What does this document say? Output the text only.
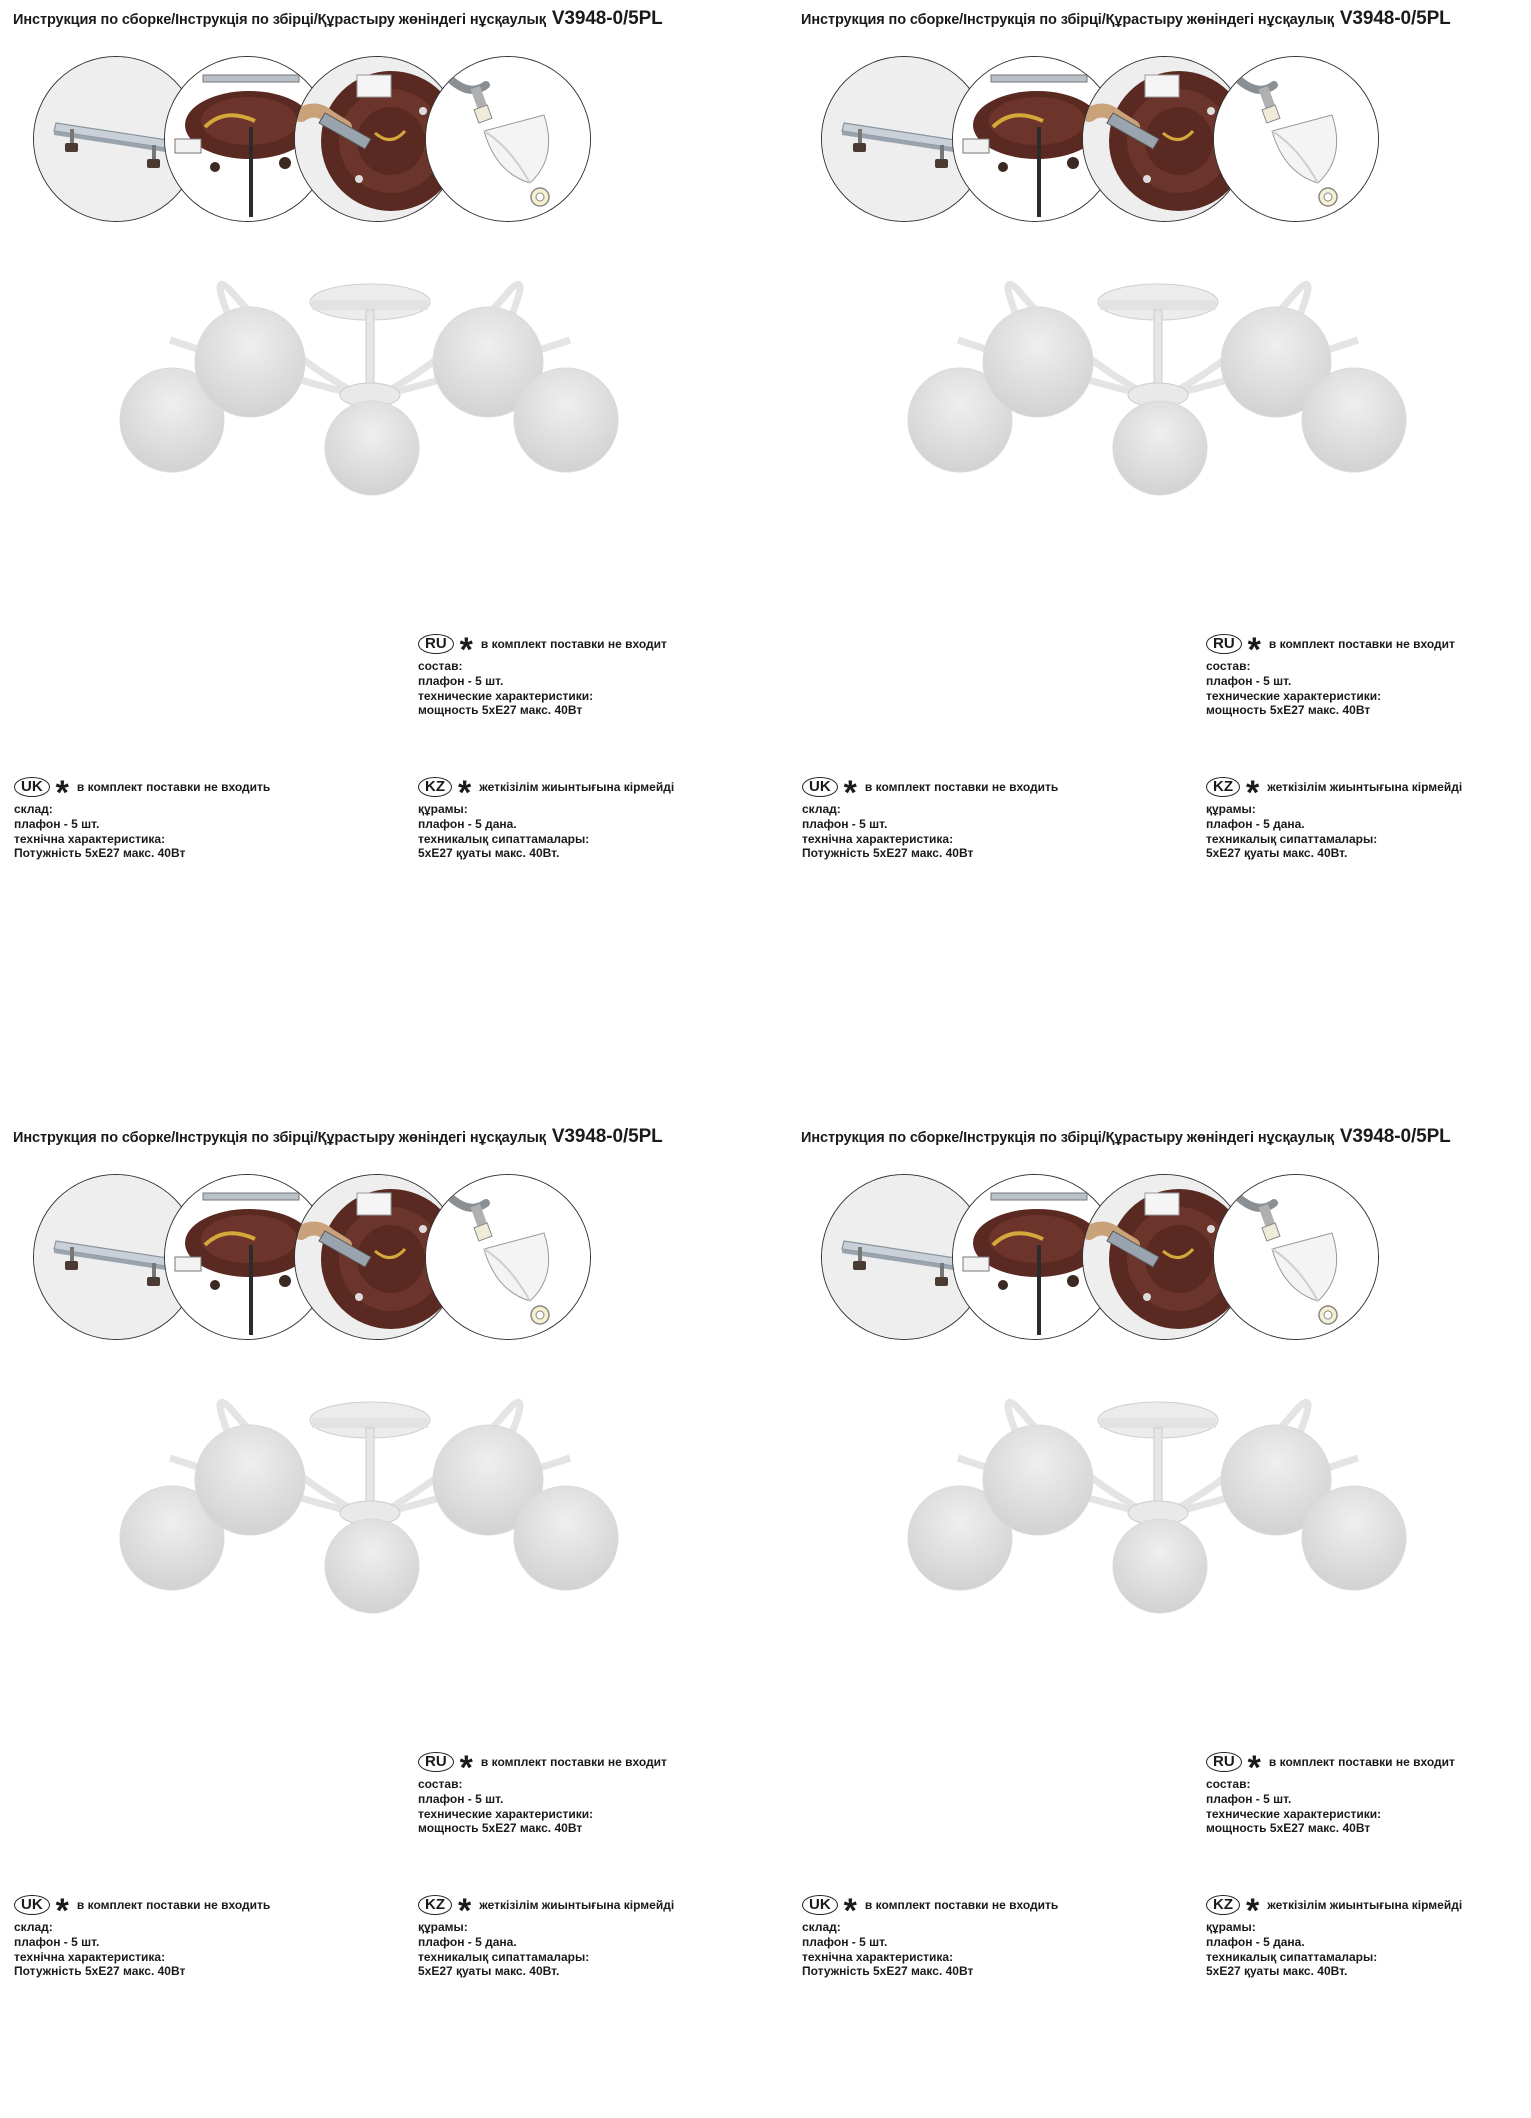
Инструкция по сборке/Інструкція по збірці/Құрастыру жөніндегі нұсқаулық V3948-0/5PL
RU * в комплект поставки не входит
состав:
плафон - 5 шт.
технические характеристики:
мощность 5хЕ27 макс. 40Вт
UK * в комплект поставки не входить
склад:
плафон - 5 шт.
технічна характеристика:
Потужність 5хЕ27 макс. 40Вт
KZ * жеткізілім жиынтығына кірмейді
құрамы:
плафон - 5 дана.
техникалық сипаттамалары:
5хЕ27 қуаты макс. 40Вт.
Инструкция по сборке/Інструкція по збірці/Құрастыру жөніндегі нұсқаулық V3948-0/5PL
RU * в комплект поставки не входит
состав:
плафон - 5 шт.
технические характеристики:
мощность 5хЕ27 макс. 40Вт
UK * в комплект поставки не входить
склад:
плафон - 5 шт.
технічна характеристика:
Потужність 5хЕ27 макс. 40Вт
KZ * жеткізілім жиынтығына кірмейді
құрамы:
плафон - 5 дана.
техникалық сипаттамалары:
5хЕ27 қуаты макс. 40Вт.
Инструкция по сборке/Інструкція по збірці/Құрастыру жөніндегі нұсқаулық V3948-0/5PL
RU * в комплект поставки не входит
состав:
плафон - 5 шт.
технические характеристики:
мощность 5хЕ27 макс. 40Вт
UK * в комплект поставки не входить
склад:
плафон - 5 шт.
технічна характеристика:
Потужність 5хЕ27 макс. 40Вт
KZ * жеткізілім жиынтығына кірмейді
құрамы:
плафон - 5 дана.
техникалық сипаттамалары:
5хЕ27 қуаты макс. 40Вт.
Инструкция по сборке/Інструкція по збірці/Құрастыру жөніндегі нұсқаулық V3948-0/5PL
RU * в комплект поставки не входит
состав:
плафон - 5 шт.
технические характеристики:
мощность 5хЕ27 макс. 40Вт
UK * в комплект поставки не входить
склад:
плафон - 5 шт.
технічна характеристика:
Потужність 5хЕ27 макс. 40Вт
KZ * жеткізілім жиынтығына кірмейді
құрамы:
плафон - 5 дана.
техникалық сипаттамалары:
5хЕ27 қуаты макс. 40Вт.
